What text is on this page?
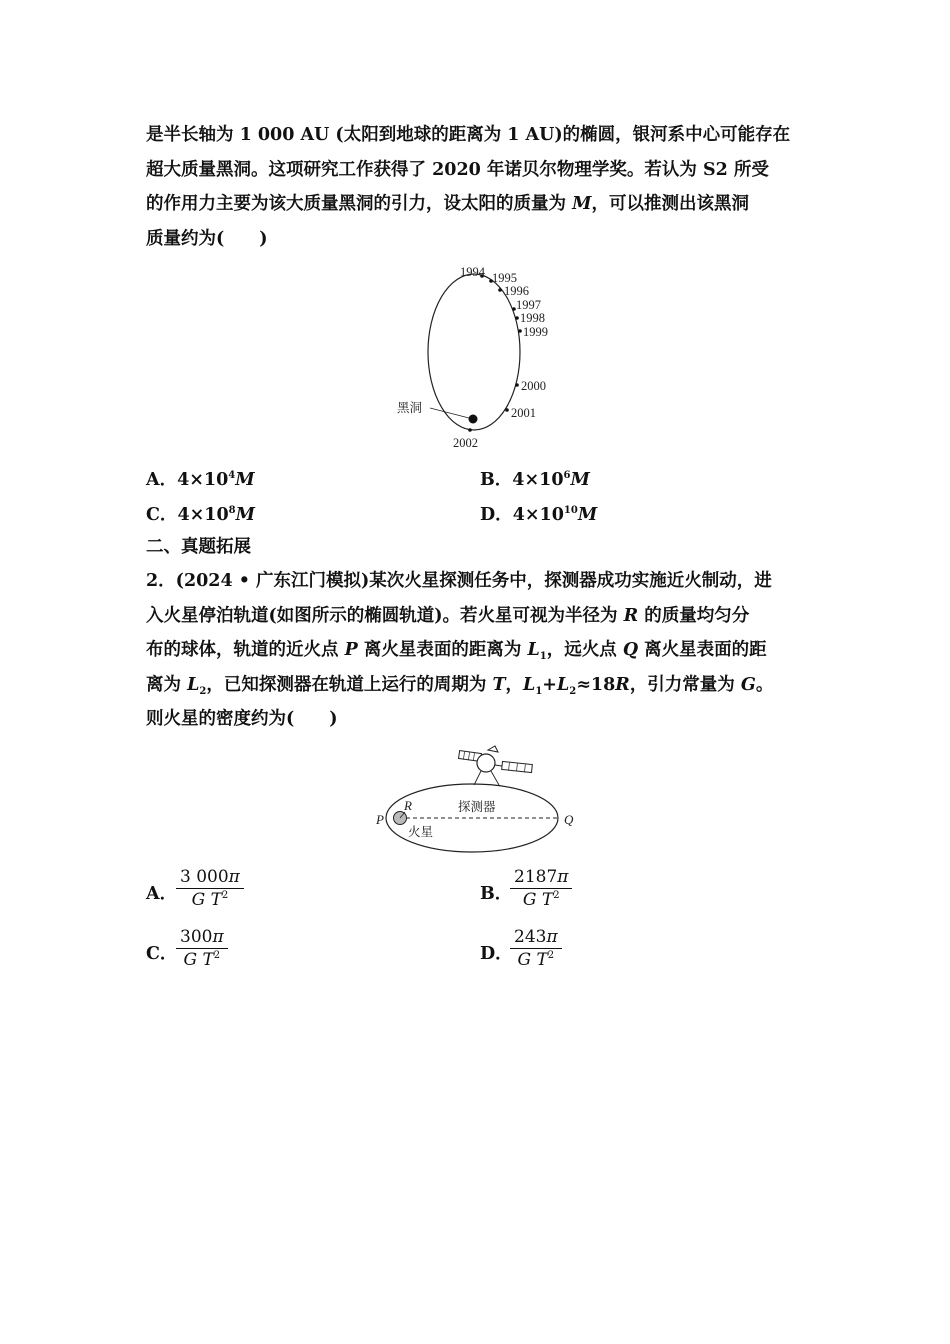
是半长轴为 1 000 AU (太阳到地球的距离为 1 AU)的椭圆，银河系中心可能存在
超大质量黑洞。这项研究工作获得了 2020 年诺贝尔物理学奖。若认为 S2 所受
的作用力主要为该大质量黑洞的引力，设太阳的质量为 M，可以推测出该黑洞
质量约为(　　)
1994 1995
1996
1997
1998
1999
2000
2001
2002
黑洞
A．$4\times 10^4M$	B．$4\times 10^6M$
C．$4\times 10^8M$	D．$4\times 10^{10}M$
二、真题拓展
2．(2024 • 广东江门模拟)某次火星探测任务中，探测器成功实施近火制动，进
入火星停泊轨道(如图所示的椭圆轨道)。若火星可视为半径为 R 的质量均匀分
布的球体，轨道的近火点 P 离火星表面的距离为 $L_1$，远火点 Q 离火星表面的距
离为 $L_2$，已知探测器在轨道上运行的周期为 T，$L_1+L_2\approx 18R$，引力常量为 G。
则火星的密度约为(　　)
探测器
火星
R
P	Q
A．
$\frac{3 000\pi}{G T^2}$	B．
$\frac{2187\pi}{G T^2}$
C．
$\frac{300\pi}{G T^2}$	D．
$\frac{243\pi}{G T^2}$
